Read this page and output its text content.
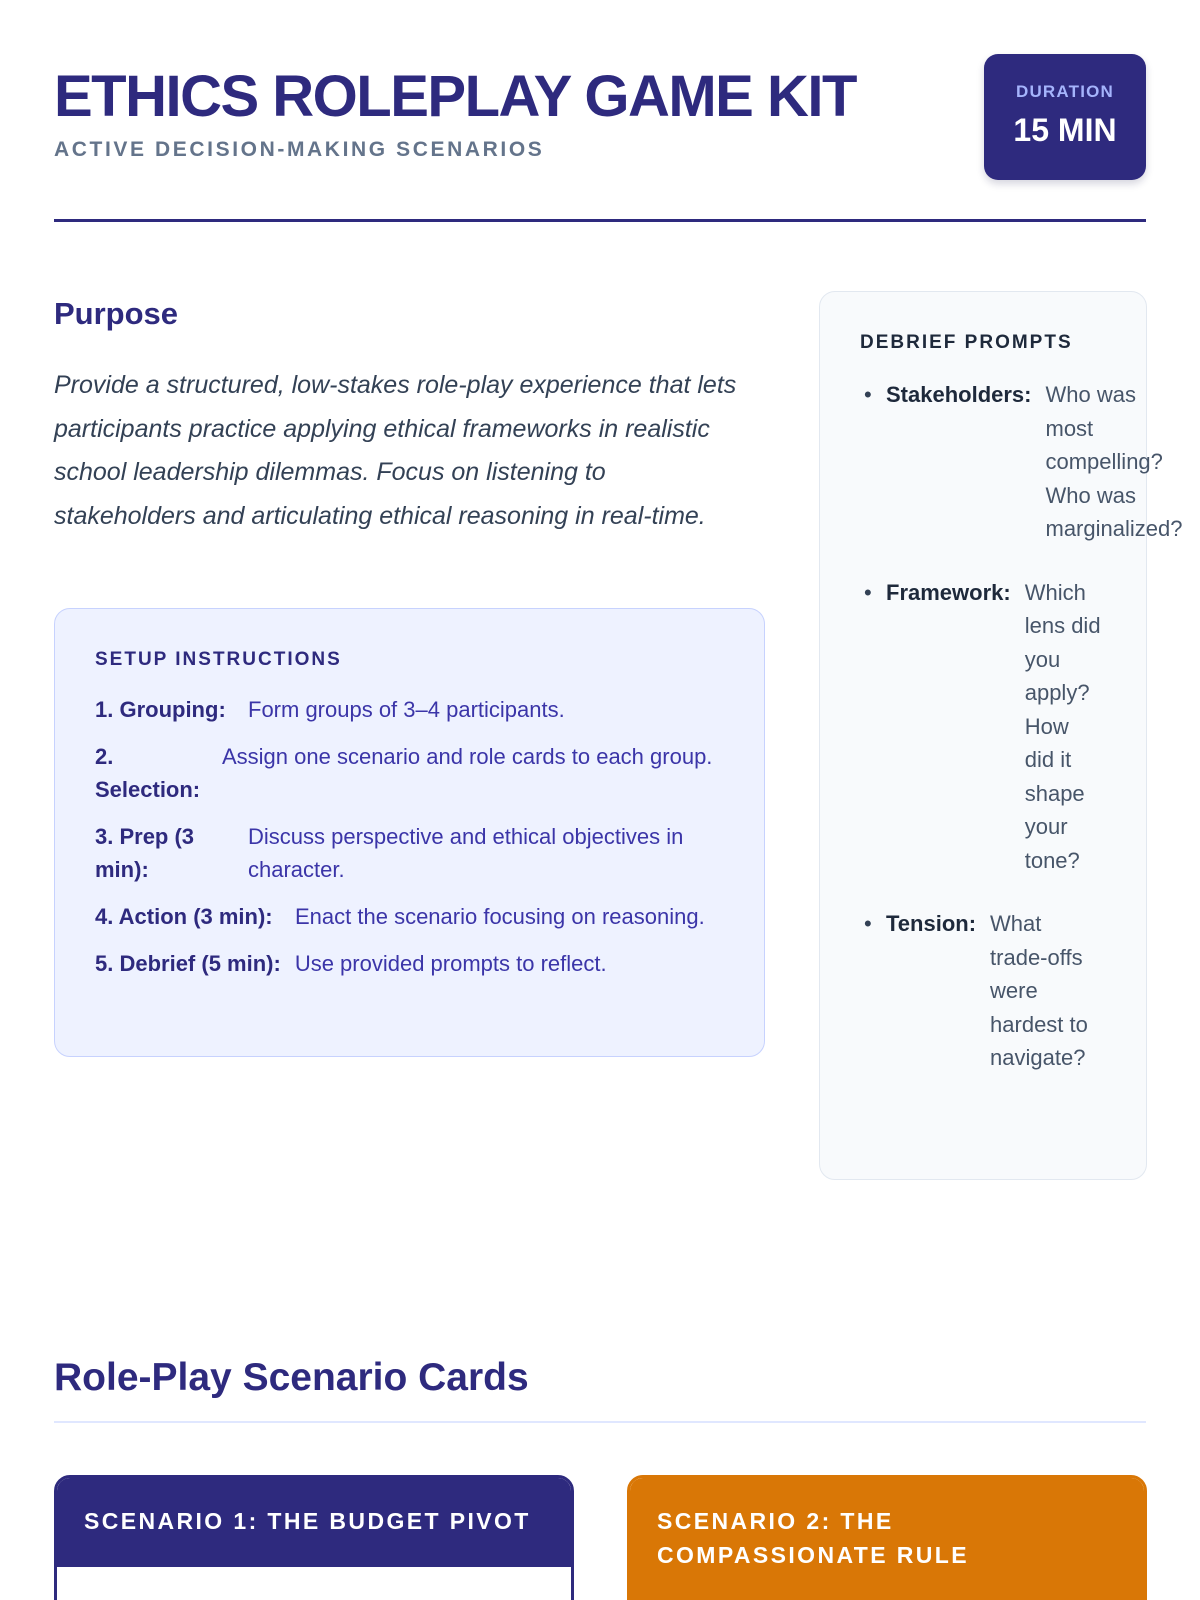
ETHICS ROLEPLAY GAME KIT
ACTIVE DECISION-MAKING SCENARIOS
DURATION
15 MIN
Purpose

Provide a structured, low-stakes role-play experience that lets participants practice applying ethical frameworks in realistic school leadership dilemmas. Focus on listening to stakeholders and articulating ethical reasoning in real-time.

SETUP INSTRUCTIONS
1. Grouping:	Form groups of 3–4 participants.
2. Selection:
Assign one scenario and role cards to each group.
3. Prep (3 min):
Discuss perspective and ethical objectives in character.
4. Action (3 min):	Enact the scenario focusing on reasoning.
5. Debrief (5 min): Use provided prompts to reflect.
DEBRIEF PROMPTS
• Stakeholders: Who was most compelling? Who was marginalized?
• Framework: Which lens did you apply? How did it shape your tone?
• Tension: What trade-offs were hardest to navigate?
Role-Play Scenario Cards
SCENARIO 1: THE BUDGET PIVOT	SCENARIO 2: THE COMPASSIONATE RULE
